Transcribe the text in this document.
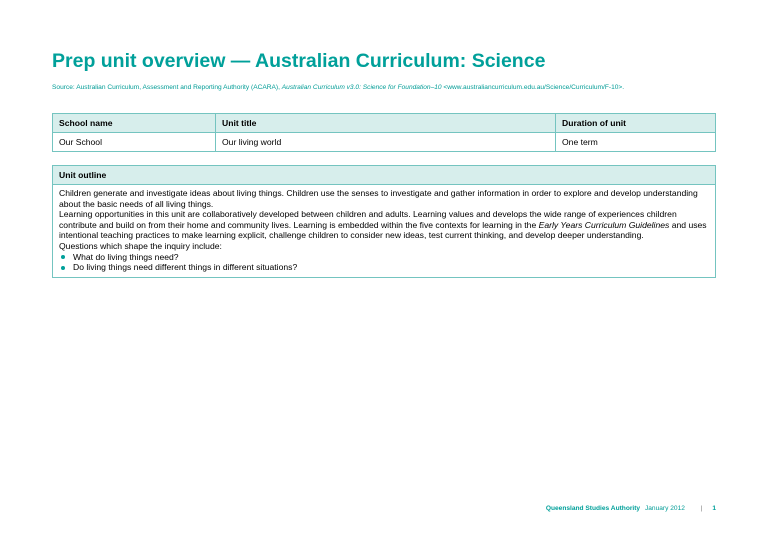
Prep unit overview — Australian Curriculum: Science
Source: Australian Curriculum, Assessment and Reporting Authority (ACARA), Australian Curriculum v3.0: Science for Foundation–10 <www.australiancurriculum.edu.au/Science/Curriculum/F-10>.
School name	Unit title	Duration of unit
Our School	Our living world	One term
Unit outline

Children generate and investigate ideas about living things. Children use the senses to investigate and gather information in order to explore and develop understanding about the basic needs of all living things.

Learning opportunities in this unit are collaboratively developed between children and adults. Learning values and develops the wide range of experiences children contribute and build on from their home and community lives. Learning is embedded within the five contexts for learning in the Early Years Curriculum Guidelines and uses intentional teaching practices to make learning explicit, challenge children to consider new ideas, test current thinking, and develop deeper understanding.

Questions which shape the inquiry include:

What do living things need?
Do living things need different things in different situations?
Queensland Studies Authority January 2012 | 1
